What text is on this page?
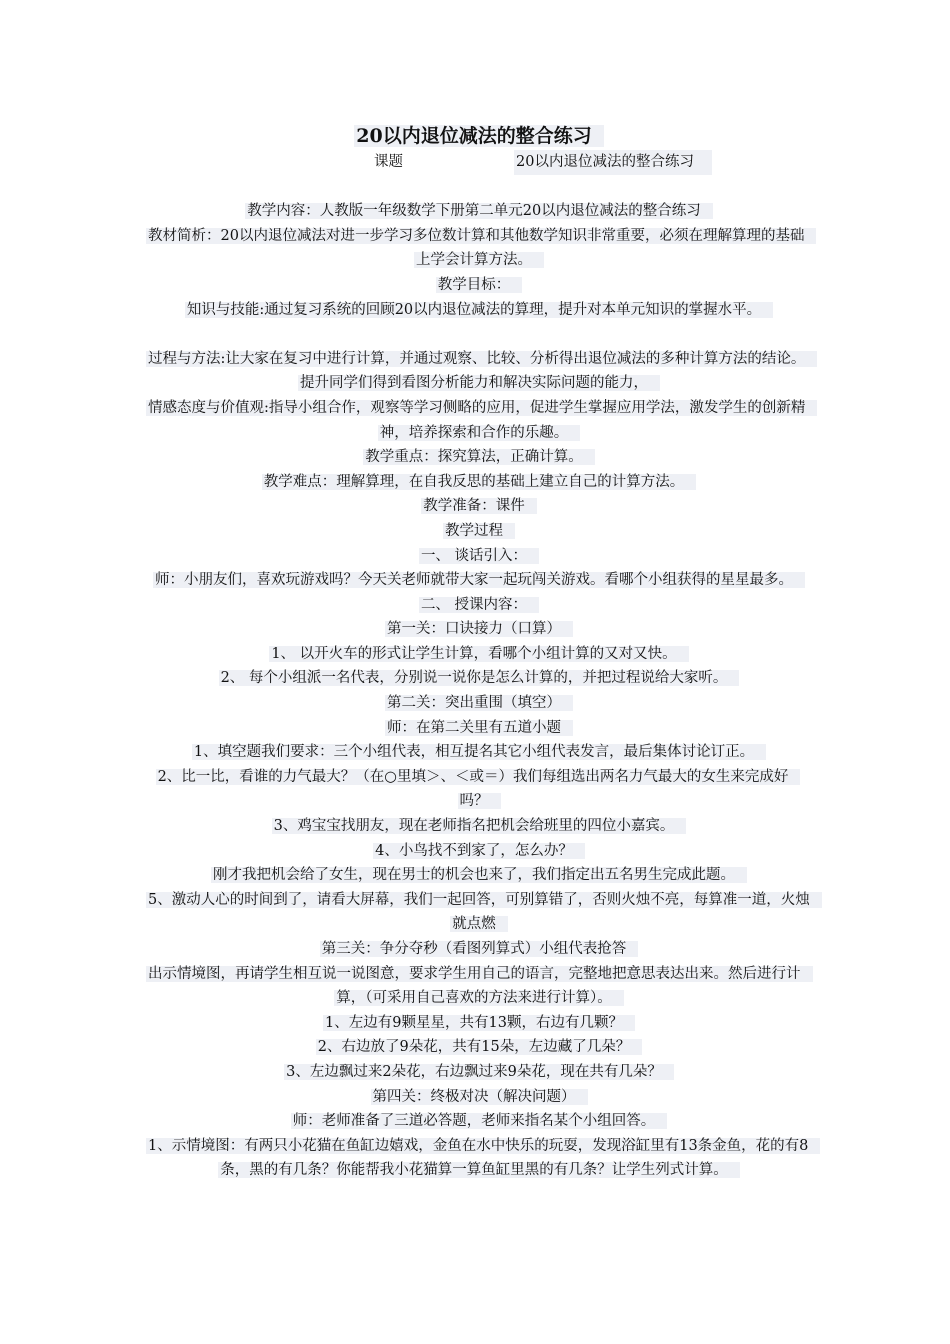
20以内退位减法的整合练习
课题	20以内退位减法的整合练习
教学内容：人教版一年级数学下册第二单元20以内退位减法的整合练习
教材简析：20以内退位减法对进一步学习多位数计算和其他数学知识非常重要，必须在理解算理的基础上学会计算方法。
教学目标：
知识与技能:通过复习系统的回顾20以内退位减法的算理，提升对本单元知识的掌握水平。
过程与方法:让大家在复习中进行计算，并通过观察、比较、分析得出退位减法的多种计算方法的结论。提升同学们得到看图分析能力和解决实际问题的能力，
情感态度与价值观:指导小组合作，观察等学习侧略的应用，促进学生掌握应用学法，激发学生的创新精神，培养探索和合作的乐趣。
教学重点：探究算法，正确计算。
教学难点：理解算理，在自我反思的基础上建立自己的计算方法。
教学准备：课件
教学过程
一、 谈话引入：
师：小朋友们，喜欢玩游戏吗？今天关老师就带大家一起玩闯关游戏。看哪个小组获得的星星最多。
二、 授课内容：
第一关：口诀接力（口算）
1、 以开火车的形式让学生计算，看哪个小组计算的又对又快。
2、 每个小组派一名代表，分别说一说你是怎么计算的，并把过程说给大家听。
第二关：突出重围（填空）
师：在第二关里有五道小题
1、填空题我们要求：三个小组代表，相互提名其它小组代表发言，最后集体讨论订正。
2、比一比，看谁的力气最大？（在○里填＞、＜或＝）我们每组选出两名力气最大的女生来完成好吗？
3、鸡宝宝找朋友，现在老师指名把机会给班里的四位小嘉宾。
4、小鸟找不到家了，怎么办？
刚才我把机会给了女生，现在男士的机会也来了，我们指定出五名男生完成此题。
5、激动人心的时间到了，请看大屏幕，我们一起回答，可别算错了，否则火烛不亮，每算准一道，火烛就点燃
第三关：争分夺秒（看图列算式）小组代表抢答
出示情境图，再请学生相互说一说图意，要求学生用自己的语言，完整地把意思表达出来。然后进行计算，（可采用自己喜欢的方法来进行计算）。
1、左边有9颗星星，共有13颗，右边有几颗？
2、右边放了9朵花，共有15朵，左边藏了几朵？
3、左边飘过来2朵花，右边飘过来9朵花，现在共有几朵？
第四关：终极对决（解决问题）
师：老师准备了三道必答题，老师来指名某个小组回答。
1、示情境图：有两只小花猫在鱼缸边嬉戏，金鱼在水中快乐的玩耍，发现浴缸里有13条金鱼，花的有8条，黑的有几条？你能帮我小花猫算一算鱼缸里黑的有几条？让学生列式计算。
